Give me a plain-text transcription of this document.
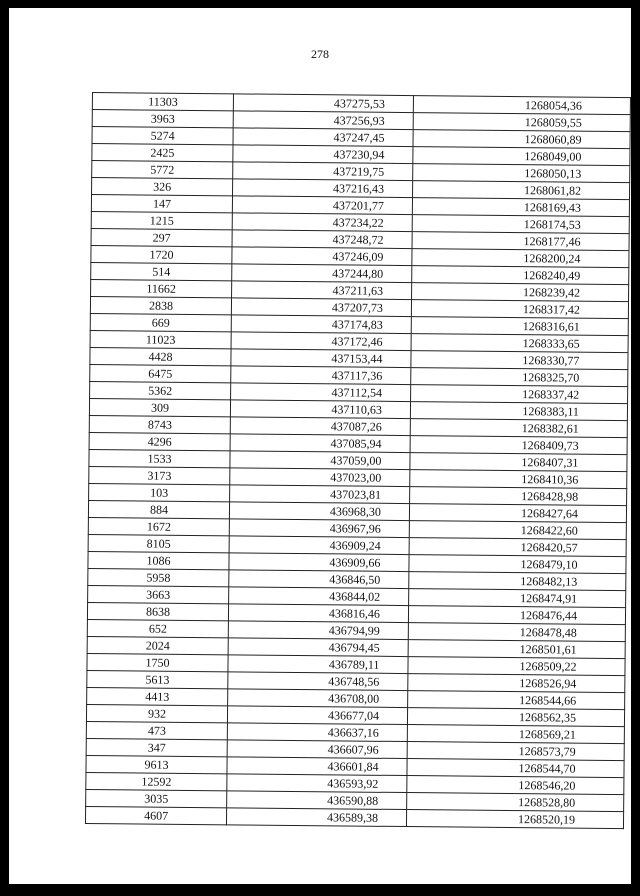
278
11303	437275,53	1268054,36
3963	437256,93	1268059,55
5274	437247,45	1268060,89
2425	437230,94	1268049,00
5772	437219,75	1268050,13
326	437216,43	1268061,82
147	437201,77	1268169,43
1215	437234,22	1268174,53
297	437248,72	1268177,46
1720	437246,09	1268200,24
514	437244,80	1268240,49
11662	437211,63	1268239,42
2838	437207,73	1268317,42
669	437174,83	1268316,61
11023	437172,46	1268333,65
4428	437153,44	1268330,77
6475	437117,36	1268325,70
5362	437112,54	1268337,42
309	437110,63	1268383,11
8743	437087,26	1268382,61
4296	437085,94	1268409,73
1533	437059,00	1268407,31
3173	437023,00	1268410,36
103	437023,81	1268428,98
884	436968,30	1268427,64
1672	436967,96	1268422,60
8105	436909,24	1268420,57
1086	436909,66	1268479,10
5958	436846,50	1268482,13
3663	436844,02	1268474,91
8638	436816,46	1268476,44
652	436794,99	1268478,48
2024	436794,45	1268501,61
1750	436789,11	1268509,22
5613	436748,56	1268526,94
4413	436708,00	1268544,66
932	436677,04	1268562,35
473	436637,16	1268569,21
347	436607,96	1268573,79
9613	436601,84	1268544,70
12592	436593,92	1268546,20
3035	436590,88	1268528,80
4607	436589,38	1268520,19
